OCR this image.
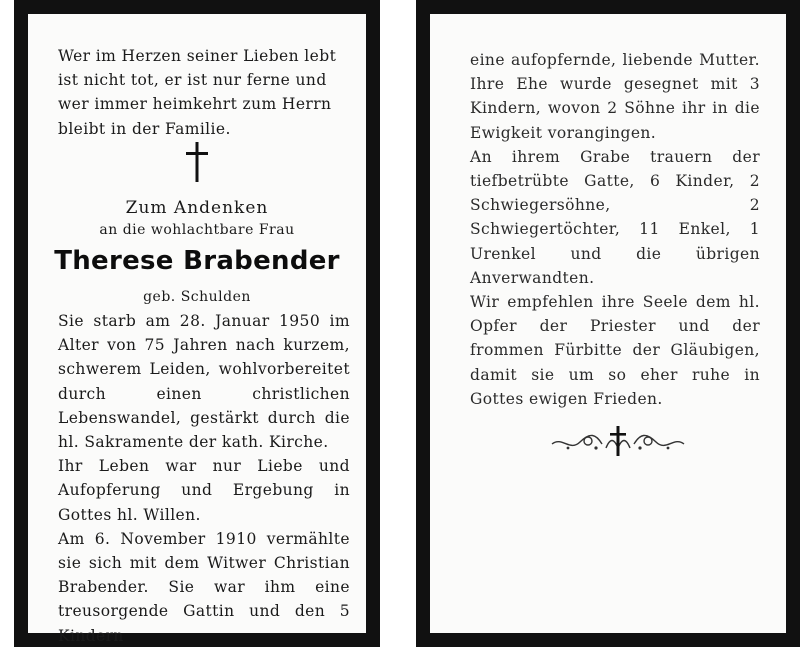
Wer im Herzen seiner Lieben lebt ist nicht tot, er ist nur ferne und wer immer heimkehrt zum Herrn bleibt in der Familie.
Zum Andenken
an die wohlachtbare Frau
Therese Brabender
geb. Schulden

Sie starb am 28. Januar 1950 im Alter von 75 Jahren nach kurzem, schwerem Leiden, wohlvorbereitet durch einen christlichen Lebenswandel, gestärkt durch die hl. Sakramente der kath. Kirche.

Ihr Leben war nur Liebe und Aufopferung und Ergebung in Gottes hl. Willen.

Am 6. November 1910 vermählte sie sich mit dem Witwer Christian Brabender. Sie war ihm eine treusorgende Gattin und den 5 Kindern

eine aufopfernde, liebende Mutter. Ihre Ehe wurde gesegnet mit 3 Kindern, wovon 2 Söhne ihr in die Ewigkeit vorangingen.

An ihrem Grabe trauern der tiefbetrübte Gatte, 6 Kinder, 2 Schwiegersöhne, 2 Schwiegertöchter, 11 Enkel, 1 Urenkel und die übrigen Anverwandten.

Wir empfehlen ihre Seele dem hl. Opfer der Priester und der frommen Fürbitte der Gläubigen, damit sie um so eher ruhe in Gottes ewigen Frieden.
